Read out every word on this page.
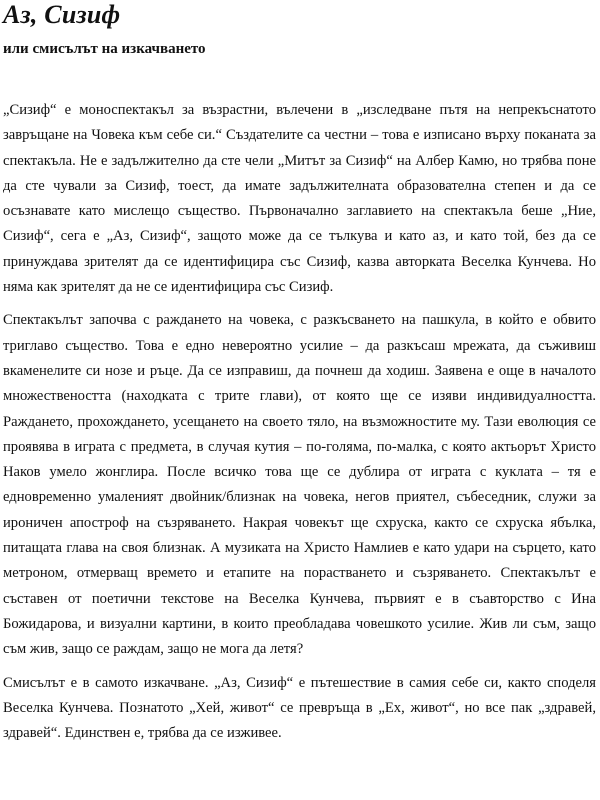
Аз, Сизиф
или смисълът на изкачването

„Сизиф“ е моноспектакъл за възрастни, вълечени в „изследване пътя на непрекъснатото завръщане на Човека към себе си.“ Създателите са честни – това е изписано върху поканата за спектакъла. Не е задължително да сте чели „Митът за Сизиф“ на Албер Камю, но трябва поне да сте чували за Сизиф, тоест, да имате задължителната образователна степен и да се осъзнавате като мислещо същество. Първоначално заглавието на спектакъла беше „Ние, Сизиф“, сега е „Аз, Сизиф“, защото може да се тълкува и като аз, и като той, без да се принуждава зрителят да се идентифицира със Сизиф, казва авторката Веселка Кунчева. Но няма как зрителят да не се идентифицира със Сизиф.

Спектакълът започва с раждането на човека, с разкъсването на пашкула, в който е обвито триглаво същество. Това е едно невероятно усилие – да разкъсаш мрежата, да съживиш вкаменелите си нозе и ръце. Да се изправиш, да почнеш да ходиш. Заявена е още в началото множествеността (находката с трите глави), от която ще се изяви индивидуалността. Раждането, прохождането, усещането на своето тяло, на възможностите му. Тази еволюция се проявява в играта с предмета, в случая кутия – по-голяма, по-малка, с която актьорът Христо Наков умело жонглира. После всичко това ще се дублира от играта с куклата – тя е едновременно умаленият двойник/близнак на човека, негов приятел, събеседник, служи за ироничен апостроф на съзряването. Накрая човекът ще схруска, както се схруска ябълка, питащата глава на своя близнак. А музиката на Христо Намлиев е като удари на сърцето, като метроном, отмерващ времето и етапите на порастването и съзряването. Спектакълът е съставен от поетични текстове на Веселка Кунчева, първият е в съавторство с Ина Божидарова, и визуални картини, в които преобладава човешкото усилие. Жив ли съм, защо съм жив, защо се раждам, защо не мога да летя?

Смисълът е в самото изкачване. „Аз, Сизиф“ е пътешествие в самия себе си, както споделя Веселка Кунчева. Познатото „Хей, живот“ се превръща в „Ех, живот“, но все пак „здравей, здравей“. Единствен е, трябва да се изживее.
